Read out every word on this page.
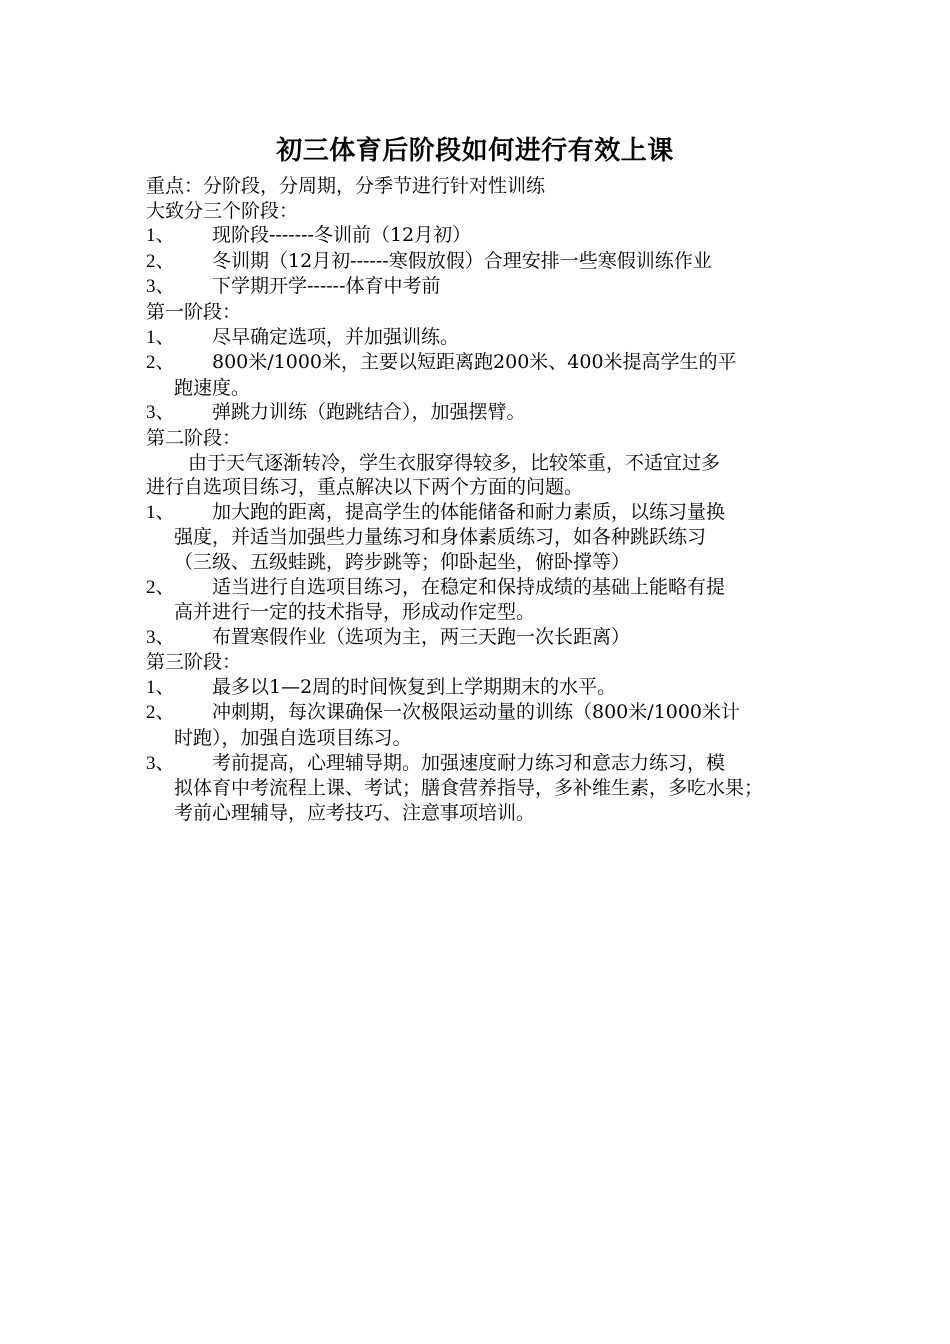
初三体育后阶段如何进行有效上课
重点：分阶段，分周期，分季节进行针对性训练
大致分三个阶段：
1、 现阶段-------冬训前（12月初）
2、 冬训期（12月初------寒假放假）合理安排一些寒假训练作业
3、 下学期开学------体育中考前
第一阶段：
1、 尽早确定选项，并加强训练。
2、 800米/1000米，主要以短距离跑200米、400米提高学生的平
跑速度。
3、 弹跳力训练（跑跳结合），加强摆臂。
第二阶段：
由于天气逐渐转冷，学生衣服穿得较多，比较笨重，不适宜过多
进行自选项目练习，重点解决以下两个方面的问题。
1、 加大跑的距离，提高学生的体能储备和耐力素质，以练习量换
强度，并适当加强些力量练习和身体素质练习，如各种跳跃练习
（三级、五级蛙跳，跨步跳等；仰卧起坐，俯卧撑等）
2、 适当进行自选项目练习，在稳定和保持成绩的基础上能略有提
高并进行一定的技术指导，形成动作定型。
3、 布置寒假作业（选项为主，两三天跑一次长距离）
第三阶段：
1、 最多以1—2周的时间恢复到上学期期末的水平。
2、 冲刺期，每次课确保一次极限运动量的训练（800米/1000米计
时跑），加强自选项目练习。
3、 考前提高，心理辅导期。加强速度耐力练习和意志力练习，模
拟体育中考流程上课、考试；膳食营养指导，多补维生素，多吃水果；
考前心理辅导，应考技巧、注意事项培训。
